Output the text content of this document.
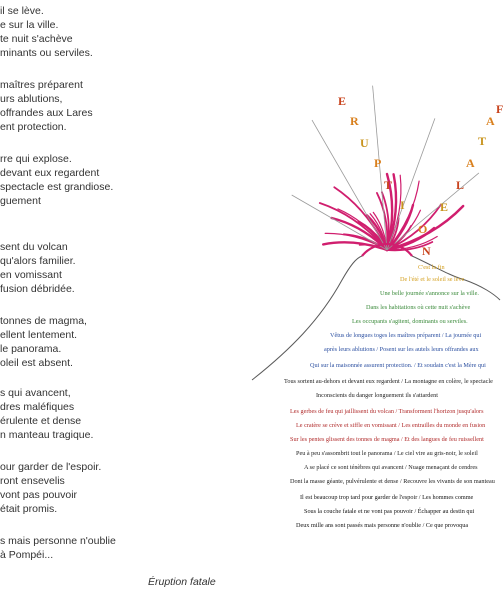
il se lève.
e sur la ville.
te nuit s'achève
minants ou serviles.
maîtres préparent
urs ablutions,
offrandes aux Lares
ent protection.
rre qui explose.
devant eux regardent
spectacle est grandiose.
guement
sent du volcan
qu'alors familier.
en vomissant
fusion débridée.
tonnes de magma,
ellent lentement.
le panorama.
oleil est absent.
s qui avancent,
dres maléfiques
érulente et dense
n manteau tragique.
our garder de l'espoir.
ront ensevelis
vont pas pouvoir
était promis.
s mais personne n'oublie
à Pompéi...
Éruption fatale
E
R
U
P
T
I
O
N
F
A
T
A
L
E
C'est la fin
De l'été et le soleil se lève
Une belle journée s'annonce sur la ville.
Dans les habitations où cette nuit s'achève
Les occupants s'agitent, dominants ou serviles.
Vêtus de longues toges les maîtres préparent / La journée qui
après leurs ablutions / Posent sur les autels leurs offrandes aux
Qui sur la maisonnée assurent protection. / Et soudain c'est la Mère qui
Tous sortent au-dehors et devant eux regardent / La montagne en colère, le spectacle
Inconscients du danger longuement ils s'attardent
Les gerbes de feu qui jaillissent du volcan / Transforment l'horizon jusqu'alors
Le cratère se crève et siffle en vomissant / Les entrailles du monde en fusion
Sur les pentes glissent des tonnes de magma / Et des langues de feu ruissellent
Peu à peu s'assombrit tout le panorama / Le ciel vire au gris-noir, le soleil
A se placé ce sont ténèbres qui avancent / Nuage menaçant de cendres
Dont la masse géante, pulvérulente et dense / Recouvre les vivants de son manteau
Il est beaucoup trop tard pour garder de l'espoir / Les hommes comme
Sous la couche fatale et ne vont pas pouvoir / Échapper au destin qui
Deux mille ans sont passés mais personne n'oublie / Ce que provoqua
